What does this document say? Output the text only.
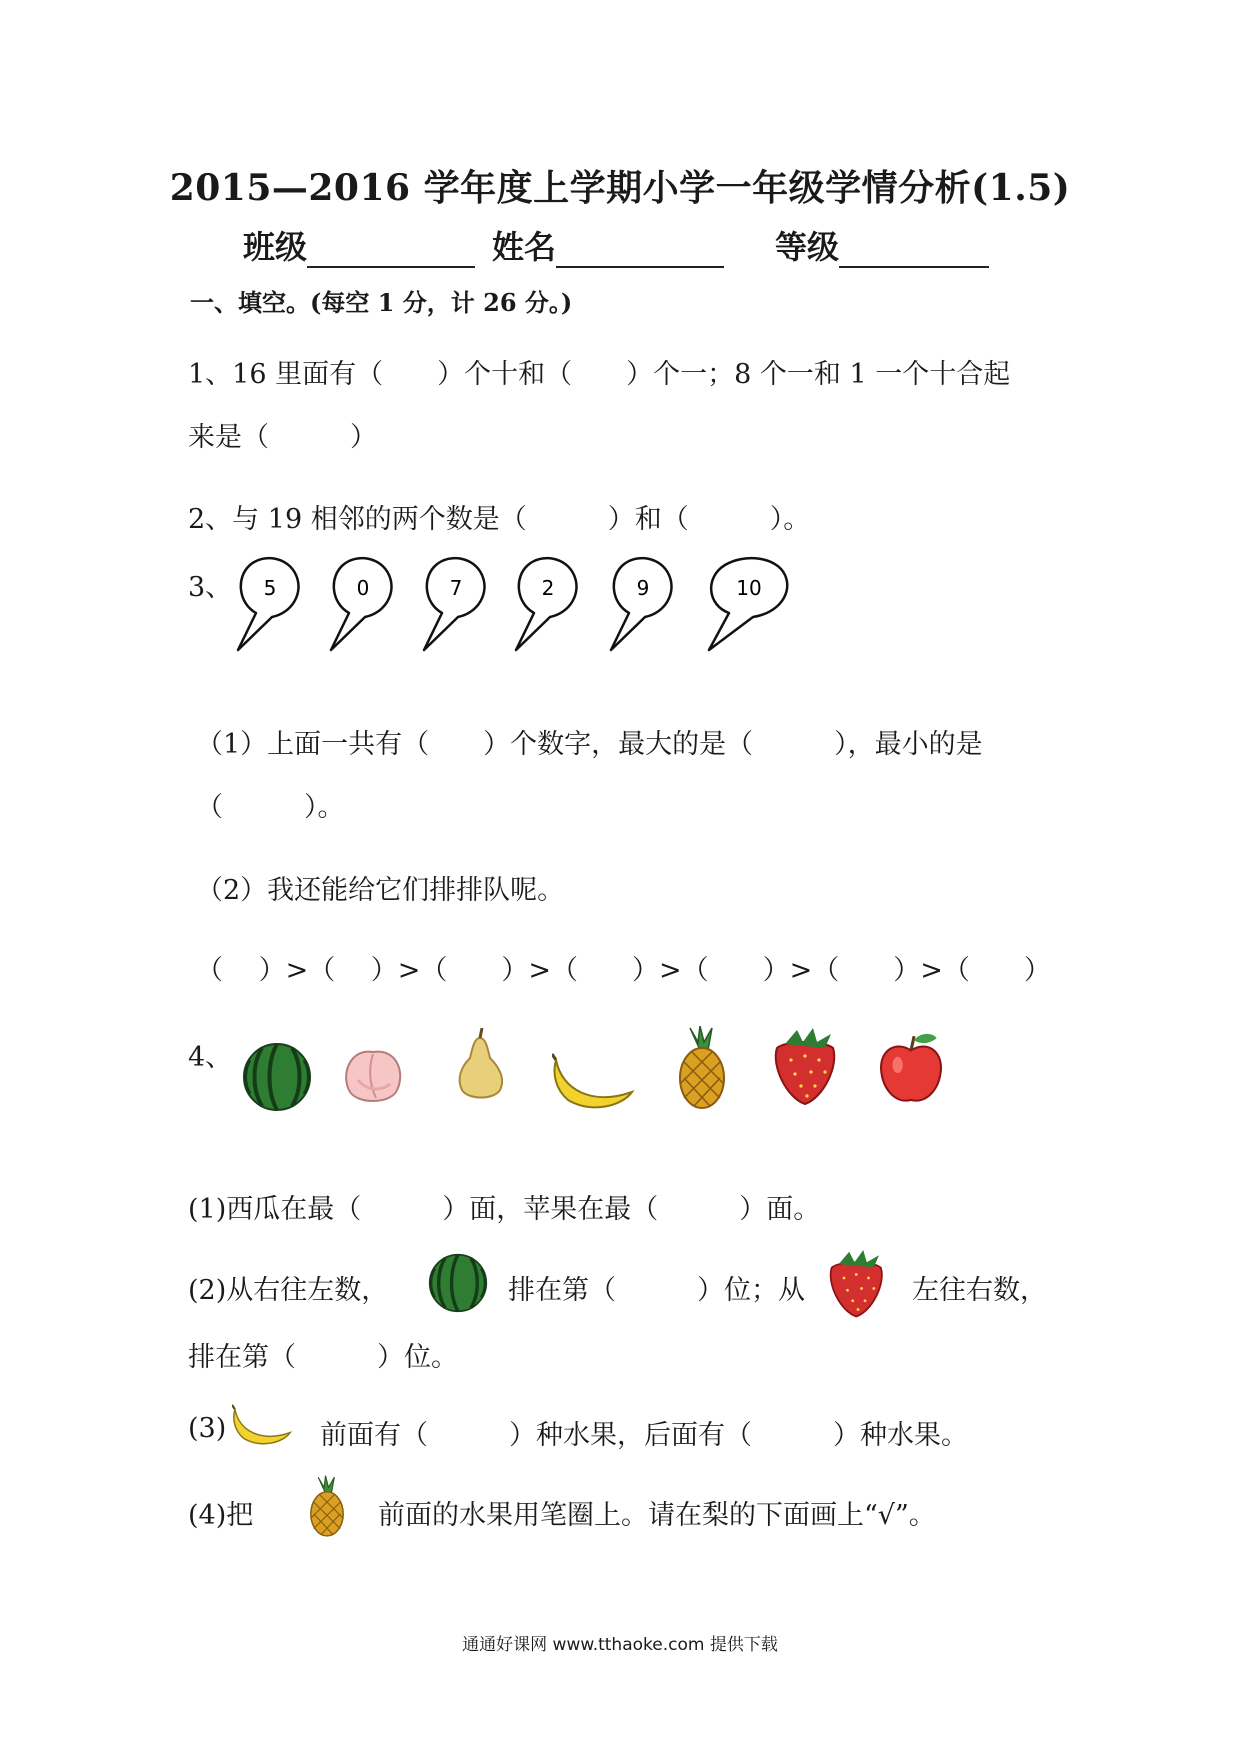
2015—2016 学年度上学期小学一年级学情分析(1.5)
班级	姓名	等级
一、填空。(每空 1 分，计 26 分。)
1、16 里面有（　　）个十和（　　）个一；8 个一和 1 一个十合起
来是（　　　）
2、与 19 相邻的两个数是（　　　）和（　　　）。
3、 5	0	7	2	9	10
（1）上面一共有（　　）个数字，最大的是（　　　），最小的是
（　　　）。
（2）我还能给它们排排队呢。
（　 ）>（　 ）>（　　）>（　　）>（　　）>（　　）>（　　）
4、
(1)西瓜在最（　　　）面，苹果在最（　　　）面。
(2)从右往左数，	排在第（　　　）位；从	左往右数，
排在第（　　　）位。
(3)	前面有（　　　）种水果，后面有（　　　）种水果。
(4)把	前面的水果用笔圈上。请在梨的下面画上“√”。
通通好课网 www.tthaoke.com 提供下载
